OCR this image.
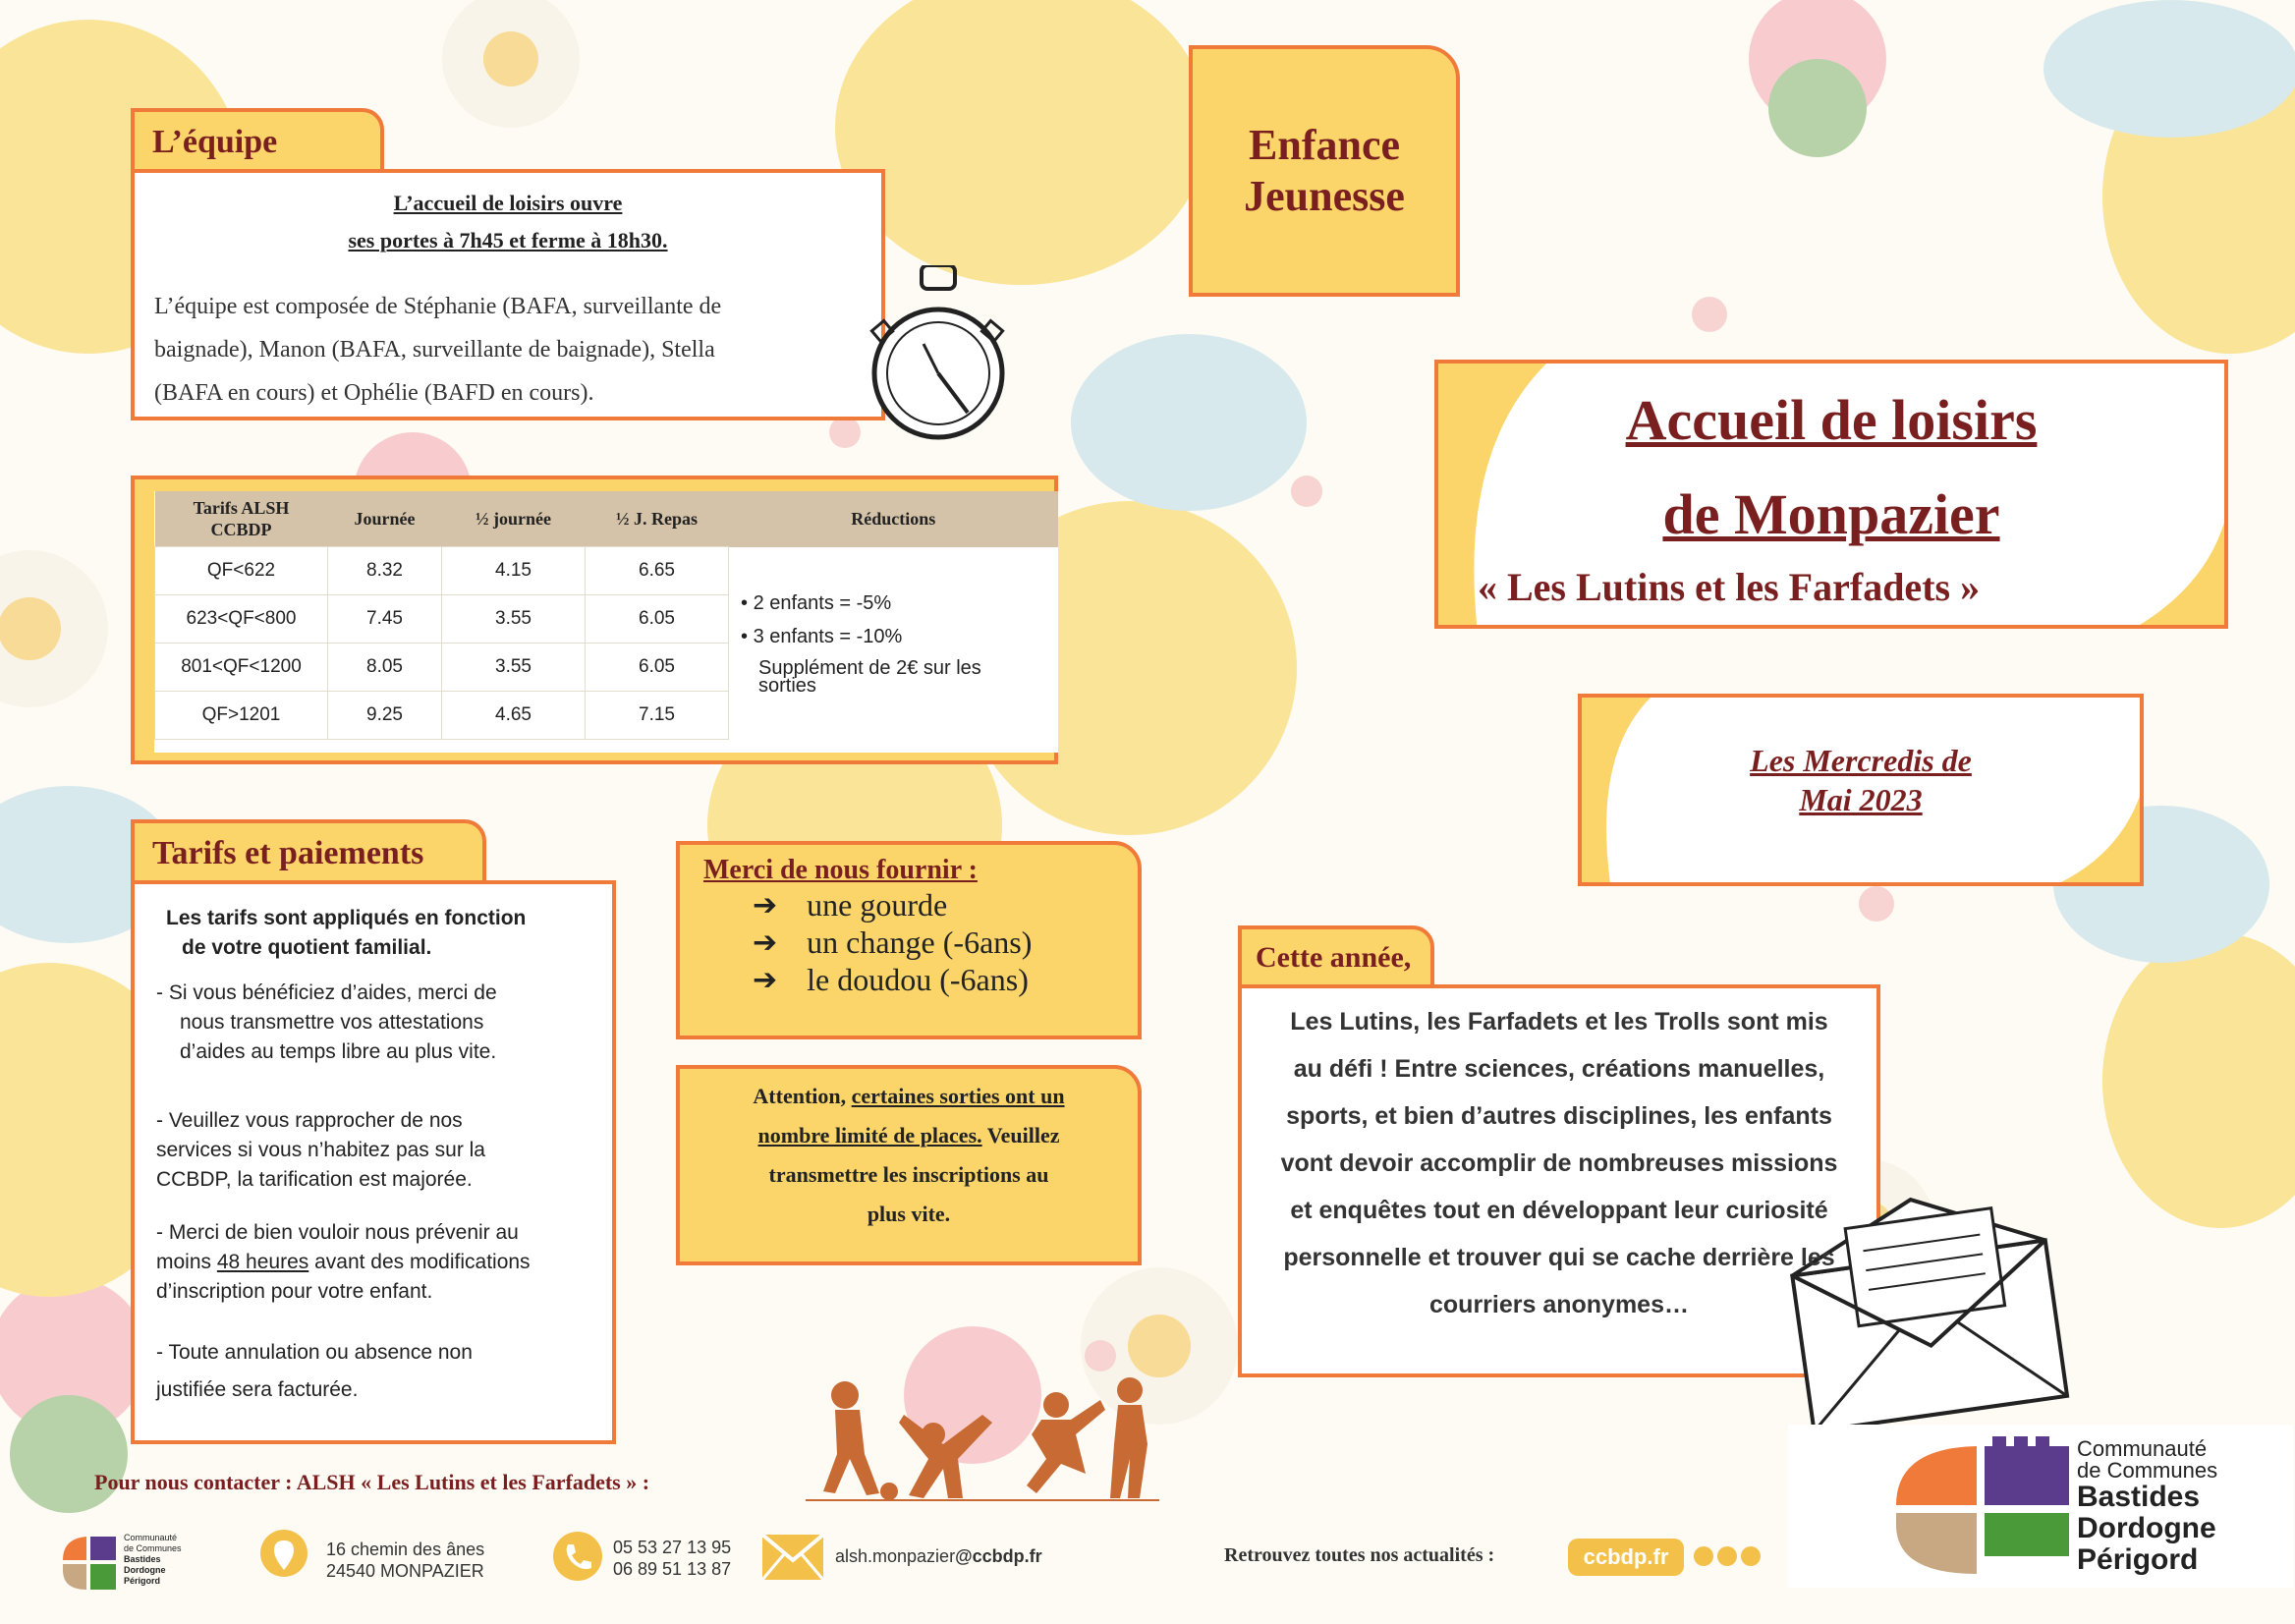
L’équipe
L’accueil de loisirs ouvre
ses portes à 7h45 et ferme à 18h30.
L’équipe est composée de Stéphanie (BAFA, surveillante de
baignade), Manon (BAFA, surveillante de baignade), Stella
(BAFA en cours) et Ophélie (BAFD en cours).
Enfance
Jeunesse
Accueil de loisirs
de Monpazier
« Les Lutins et les Farfadets »
Les Mercredis de
Mai 2023
Tarifs ALSH
CCBDP	Journée	½ journée	½ J. Repas	Réductions
QF<622	8.32	4.15	6.65	• 2 enfants = -5%
• 3 enfants = -10%
Supplément de 2€ sur les
sorties

623<QF<800	7.45	3.55	6.05	
801<QF<1200	8.05	3.55	6.05	
QF>1201	9.25	4.65	7.15	
Tarifs et paiements
Les tarifs sont appliqués en fonction
de votre quotient familial.
- Si vous bénéficiez d’aides, merci de
nous transmettre vos attestations
d’aides au temps libre au plus vite.
- Veuillez vous rapprocher de nos
services si vous n’habitez pas sur la
CCBDP, la tarification est majorée.
- Merci de bien vouloir nous prévenir au
moins 48 heures avant des modifications
d’inscription pour votre enfant.
- Toute annulation ou absence non
justifiée sera facturée.
Merci de nous fournir :
➔ une gourde
➔ un change (-6ans)
➔ le doudou (-6ans)
Attention, certaines sorties ont un
nombre limité de places. Veuillez
transmettre les inscriptions au
plus vite.
Cette année,
Les Lutins, les Farfadets et les Trolls sont mis
au défi ! Entre sciences, créations manuelles,
sports, et bien d’autres disciplines, les enfants
vont devoir accomplir de nombreuses missions
et enquêtes tout en développant leur curiosité
personnelle et trouver qui se cache derrière les
courriers anonymes…
Pour nous contacter : ALSH « Les Lutins et les Farfadets » :
Communauté
de Communes
Bastides
Dordogne
Périgord
16 chemin des ânes
24540 MONPAZIER
05 53 27 13 95
06 89 51 13 87
alsh.monpazier@ccbdp.fr	Retrouvez toutes nos actualités :	ccbdp.fr
Communauté
de Communes
Bastides
Dordogne
Périgord
